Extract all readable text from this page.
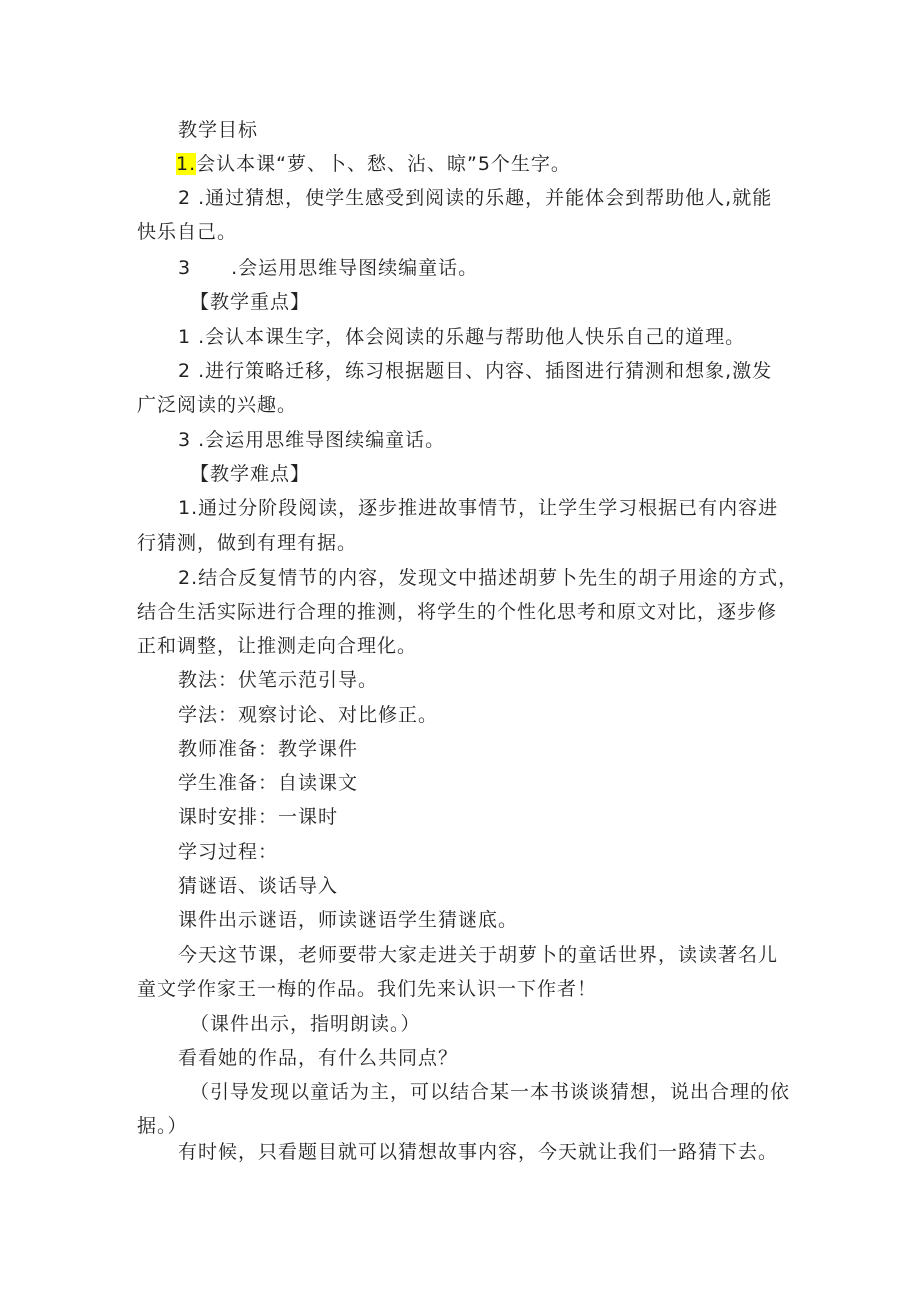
教学目标
1.会认本课“萝、卜、愁、沾、晾”5个生字。
2 .通过猜想，使学生感受到阅读的乐趣，并能体会到帮助他人,就能
快乐自己。
3　　.会运用思维导图续编童话。
【教学重点】
1 .会认本课生字，体会阅读的乐趣与帮助他人快乐自己的道理。
2 .进行策略迁移，练习根据题目、内容、插图进行猜测和想象,激发
广泛阅读的兴趣。
3 .会运用思维导图续编童话。
【教学难点】
1.通过分阶段阅读，逐步推进故事情节，让学生学习根据已有内容进
行猜测，做到有理有据。
2.结合反复情节的内容，发现文中描述胡萝卜先生的胡子用途的方式，
结合生活实际进行合理的推测，将学生的个性化思考和原文对比，逐步修
正和调整，让推测走向合理化。
教法：伏笔示范引导。
学法：观察讨论、对比修正。
教师准备：教学课件
学生准备：自读课文
课时安排：一课时
学习过程：
猜谜语、谈话导入
课件出示谜语，师读谜语学生猜谜底。
今天这节课，老师要带大家走进关于胡萝卜的童话世界，读读著名儿
童文学作家王一梅的作品。我们先来认识一下作者！
（课件出示，指明朗读。）
看看她的作品，有什么共同点？
（引导发现以童话为主，可以结合某一本书谈谈猜想，说出合理的依
据。）
有时候，只看题目就可以猜想故事内容，今天就让我们一路猜下去。
